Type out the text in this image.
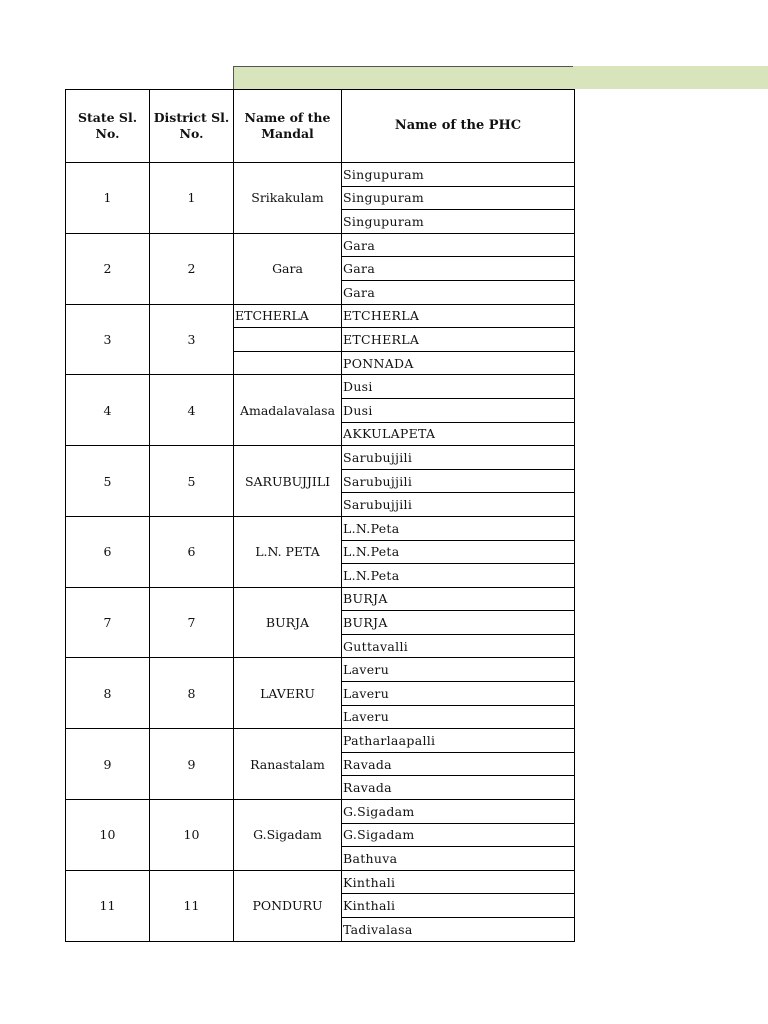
State Sl. No.	District Sl. No.	Name of the Mandal	Name of the PHC
1	1	Srikakulam	Singupuram
			Singupuram
			Singupuram
2	2	Gara	Gara
			Gara
			Gara
3	3	ETCHERLA	ETCHERLA
			ETCHERLA
			PONNADA
4	4	Amadalavalasa	Dusi
			Dusi
			AKKULAPETA
5	5	SARUBUJJILI	Sarubujjili
			Sarubujjili
			Sarubujjili
6	6	L.N. PETA	L.N.Peta
			L.N.Peta
			L.N.Peta
7	7	BURJA	BURJA
			BURJA
			Guttavalli
8	8	LAVERU	Laveru
			Laveru
			Laveru
9	9	Ranastalam	Patharlaapalli
			Ravada
			Ravada
10	10	G.Sigadam	G.Sigadam
			G.Sigadam
			Bathuva
11	11	PONDURU	Kinthali
			Kinthali
			Tadivalasa
